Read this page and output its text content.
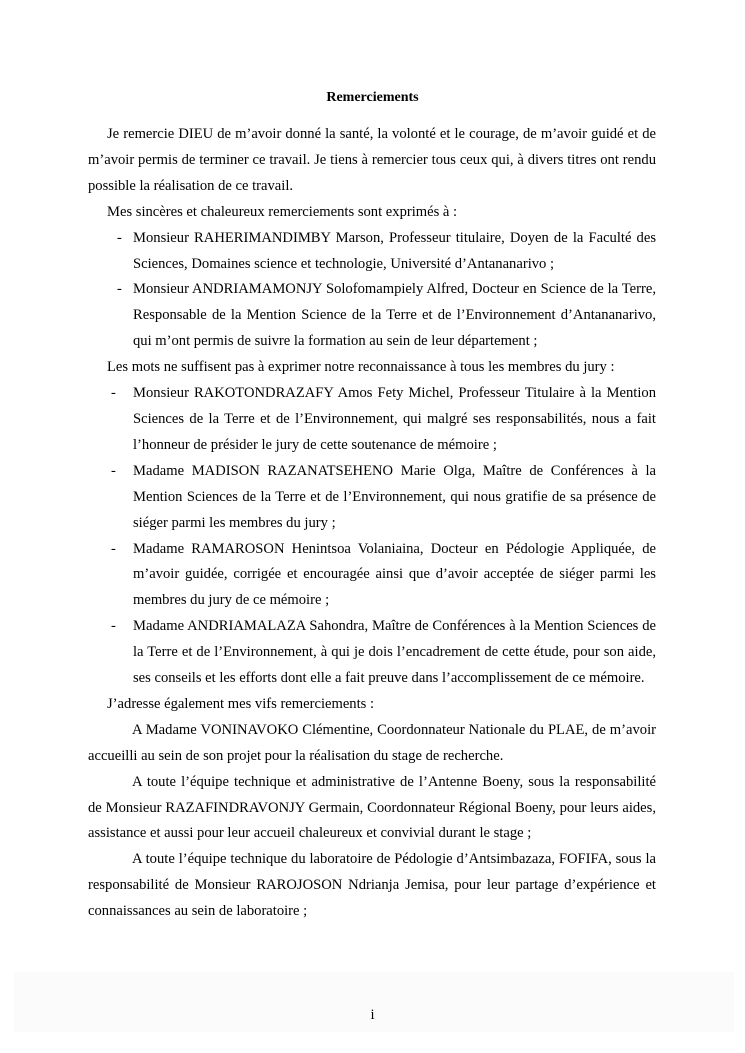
Remerciements

Je remercie DIEU de m’avoir donné la santé, la volonté et le courage, de m’avoir guidé et de m’avoir permis de terminer ce travail. Je tiens à remercier tous ceux qui, à divers titres ont rendu possible la réalisation de ce travail.

Mes sincères et chaleureux remerciements sont exprimés à :

- Monsieur RAHERIMANDIMBY Marson, Professeur titulaire, Doyen de la Faculté des Sciences, Domaines science et technologie, Université d’Antananarivo ;
- Monsieur ANDRIAMAMONJY Solofomampiely Alfred, Docteur en Science de la Terre, Responsable de la Mention Science de la Terre et de l’Environnement d’Antananarivo, qui m’ont permis de suivre la formation au sein de leur département ;

Les mots ne suffisent pas à exprimer notre reconnaissance à tous les membres du jury :

- Monsieur RAKOTONDRAZAFY Amos Fety Michel, Professeur Titulaire à la Mention Sciences de la Terre et de l’Environnement, qui malgré ses responsabilités, nous a fait l’honneur de présider le jury de cette soutenance de mémoire ;
- Madame MADISON RAZANATSEHENO Marie Olga, Maître de Conférences à la Mention Sciences de la Terre et de l’Environnement, qui nous gratifie de sa présence de siéger parmi les membres du jury ;
- Madame RAMAROSON Henintsoa Volaniaina, Docteur en Pédologie Appliquée, de m’avoir guidée, corrigée et encouragée ainsi que d’avoir acceptée de siéger parmi les membres du jury de ce mémoire ;
- Madame ANDRIAMALAZA Sahondra, Maître de Conférences à la Mention Sciences de la Terre et de l’Environnement, à qui je dois l’encadrement de cette étude, pour son aide, ses conseils et les efforts dont elle a fait preuve dans l’accomplissement de ce mémoire.

J’adresse également mes vifs remerciements :

A Madame VONINAVOKO Clémentine, Coordonnateur Nationale du PLAE, de m’avoir accueilli au sein de son projet pour la réalisation du stage de recherche.

A toute l’équipe technique et administrative de l’Antenne Boeny, sous la responsabilité de Monsieur RAZAFINDRAVONJY Germain, Coordonnateur Régional Boeny, pour leurs aides, assistance et aussi pour leur accueil chaleureux et convivial durant le stage ;

A toute l’équipe technique du laboratoire de Pédologie d’Antsimbazaza, FOFIFA, sous la responsabilité de Monsieur RAROJOSON Ndrianja Jemisa, pour leur partage d’expérience et connaissances au sein de laboratoire ;

i
